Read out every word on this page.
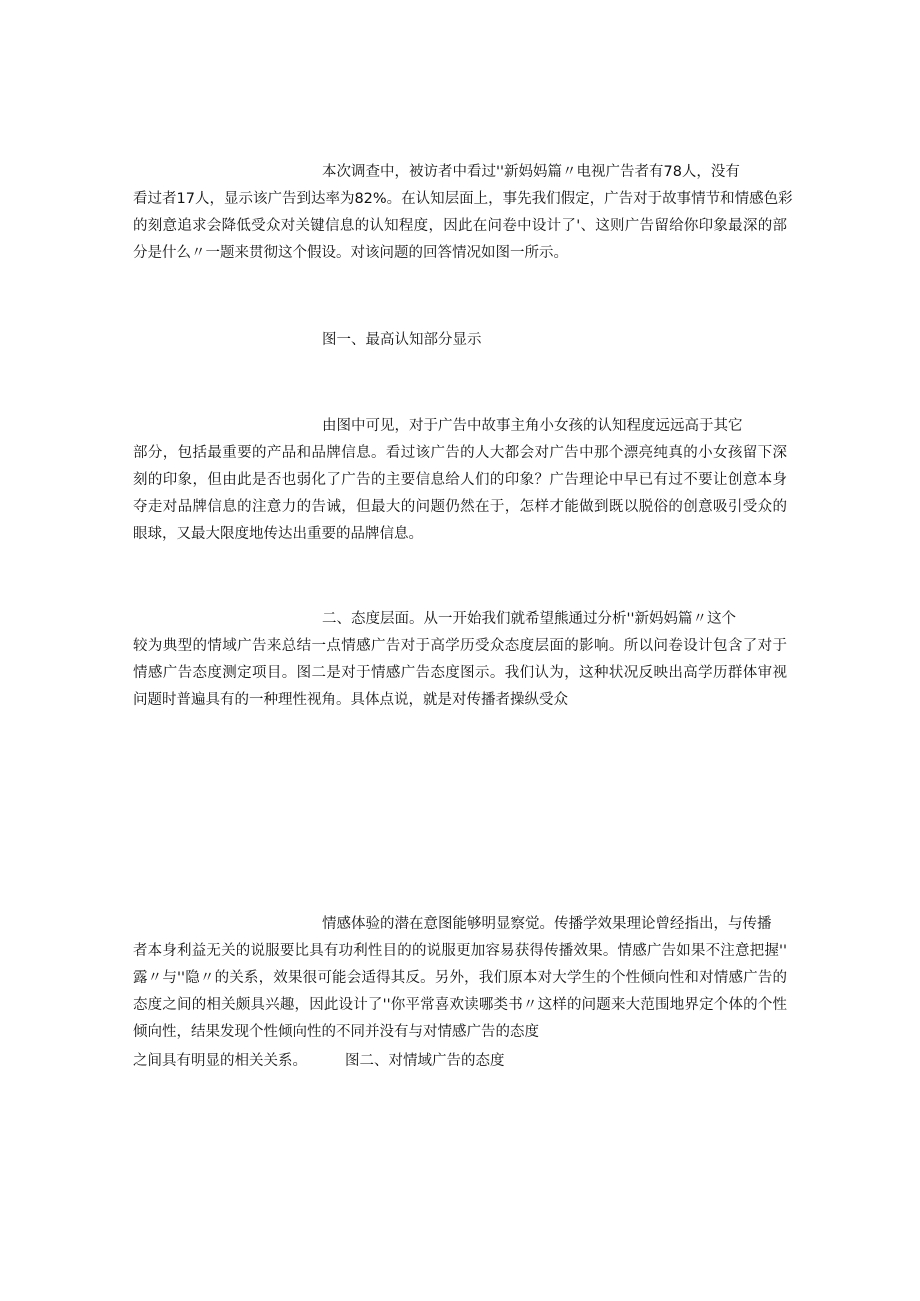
本次调查中，被访者中看过''新妈妈篇〃电视广告者有78人，没有
看过者17人，显示该广告到达率为82%。在认知层面上，事先我们假定，广告对于故事情节和情感色彩
的刻意追求会降低受众对关键信息的认知程度，因此在问卷中设计了'、这则广告留给你印象最深的部
分是什么〃一题来贯彻这个假设。对该问题的回答情况如图一所示。
图一、最高认知部分显示
由图中可见，对于广告中故事主角小女孩的认知程度远远高于其它
部分，包括最重要的产品和品牌信息。看过该广告的人大都会对广告中那个漂亮纯真的小女孩留下深
刻的印象，但由此是否也弱化了广告的主要信息给人们的印象？广告理论中早已有过不要让创意本身
夺走对品牌信息的注意力的告诫，但最大的问题仍然在于，怎样才能做到既以脱俗的创意吸引受众的
眼球，又最大限度地传达出重要的品牌信息。
二、态度层面。从一开始我们就希望熊通过分析''新妈妈篇〃这个
较为典型的情域广告来总结一点情感广告对于高学历受众态度层面的影响。所以问卷设计包含了对于
情感广告态度测定项目。图二是对于情感广告态度图示。我们认为，这种状况反映出高学历群体审视
问题时普遍具有的一种理性视角。具体点说，就是对传播者操纵受众
情感体验的潜在意图能够明显察觉。传播学效果理论曾经指出，与传播
者本身利益无关的说服要比具有功利性目的的说服更加容易获得传播效果。情感广告如果不注意把握''
露〃与''隐〃的关系，效果很可能会适得其反。另外，我们原本对大学生的个性倾向性和对情感广告的
态度之间的相关颇具兴趣，因此设计了''你平常喜欢读哪类书〃这样的问题来大范围地界定个体的个性
倾向性，结果发现个性倾向性的不同并没有与对情感广告的态度
之间具有明显的相关关系。	图二、对情域广告的态度
